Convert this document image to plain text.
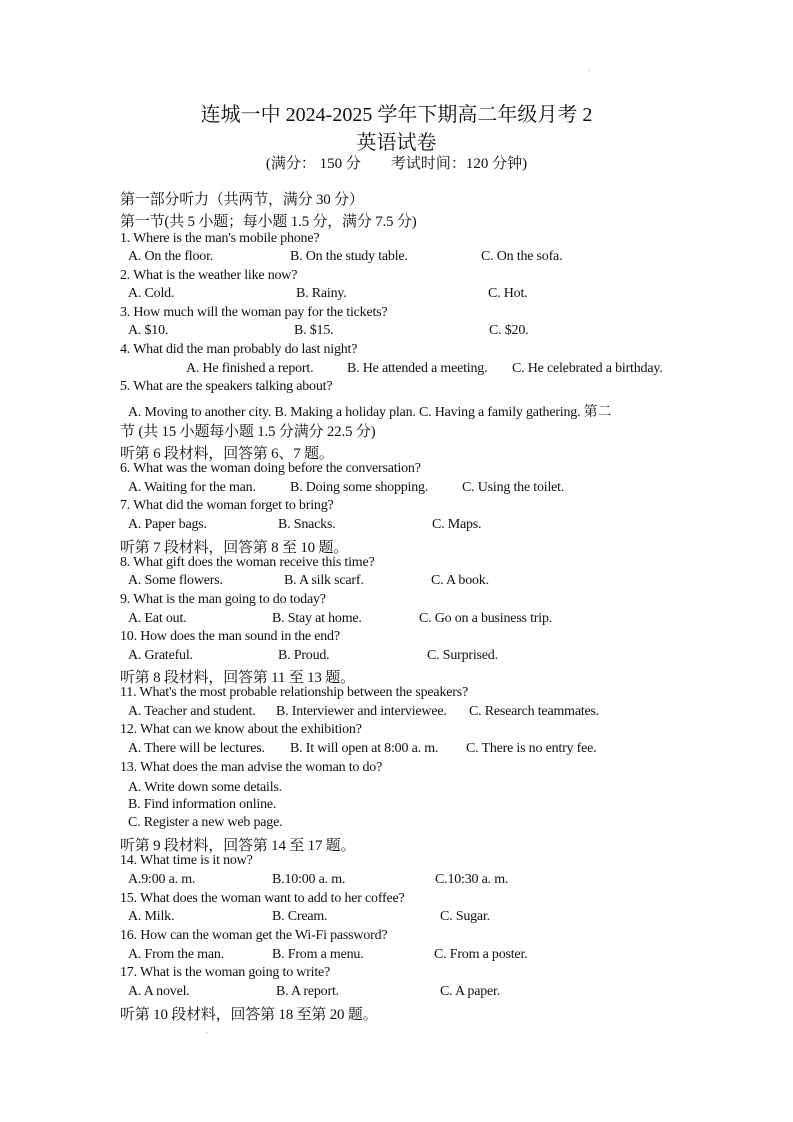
.
.
连城一中 2024-2025 学年下期高二年级月考 2
英语试卷
(满分： 150 分　　考试时间：120 分钟)
第一部分听力（共两节，满分 30 分）
第一节(共 5 小题；每小题 1.5 分，满分 7.5 分)
1. Where is the man's mobile phone?
A. On the floor.	B. On the study table.	C. On the sofa.
2. What is the weather like now?
A. Cold.	B. Rainy.	C. Hot.
3. How much will the woman pay for the tickets?
A. $10.	B. $15.	C. $20.
4. What did the man probably do last night?
A. He finished a report. B. He attended a meeting. C. He celebrated a birthday.
5. What are the speakers talking about?
A. Moving to another city. B. Making a holiday plan. C. Having a family gathering. 第二
节 (共 15 小题每小题 1.5 分满分 22.5 分)
听第 6 段材料，回答第 6、7 题。
6. What was the woman doing before the conversation?
A. Waiting for the man. B. Doing some shopping. C. Using the toilet.
7. What did the woman forget to bring?
A. Paper bags.	B. Snacks.	C. Maps.
听第 7 段材料，回答第 8 至 10 题。
8. What gift does the woman receive this time?
A. Some flowers.	B. A silk scarf.	C. A book.
9. What is the man going to do today?
A. Eat out.	B. Stay at home.	C. Go on a business trip.
10. How does the man sound in the end?
A. Grateful.	B. Proud.	C. Surprised.
听第 8 段材料，回答第 11 至 13 题。
11. What's the most probable relationship between the speakers?
A. Teacher and student. B. Interviewer and interviewee. C. Research teammates.
12. What can we know about the exhibition?
A. There will be lectures. B. It will open at 8:00 a. m. C. There is no entry fee.
13. What does the man advise the woman to do?
A. Write down some details.
B. Find information online.
C. Register a new web page.
听第 9 段材料，回答第 14 至 17 题。
14. What time is it now?
A.9:00 a. m.	B.10:00 a. m.	C.10:30 a. m.
15. What does the woman want to add to her coffee?
A. Milk.	B. Cream.	C. Sugar.
16. How can the woman get the Wi-Fi password?
A. From the man.	B. From a menu.	C. From a poster.
17. What is the woman going to write?
A. A novel.	B. A report.	C. A paper.
听第 10 段材料，回答第 18 至第 20 题。
